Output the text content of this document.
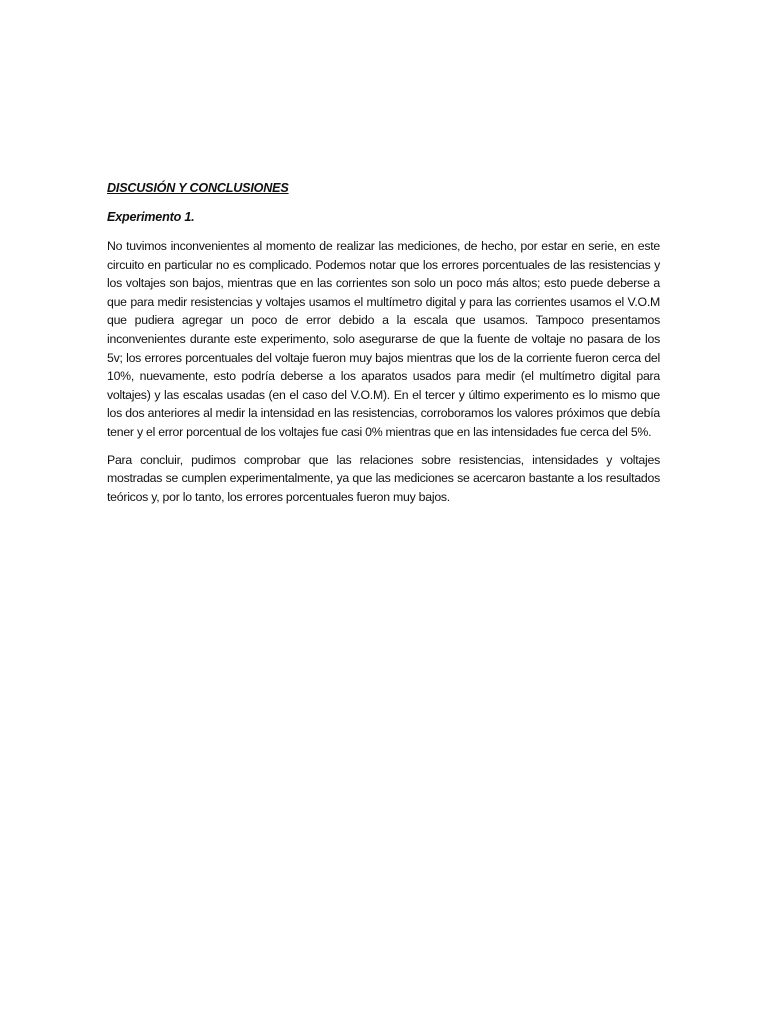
DISCUSIÓN Y CONCLUSIONES
Experimento 1.

No tuvimos inconvenientes al momento de realizar las mediciones, de hecho, por estar en serie, en este circuito en particular no es complicado. Podemos notar que los errores porcentuales de las resistencias y los voltajes son bajos, mientras que en las corrientes son solo un poco más altos; esto puede deberse a que para medir resistencias y voltajes usamos el multímetro digital y para las corrientes usamos el V.O.M que pudiera agregar un poco de error debido a la escala que usamos. Tampoco presentamos inconvenientes durante este experimento, solo asegurarse de que la fuente de voltaje no pasara de los 5v; los errores porcentuales del voltaje fueron muy bajos mientras que los de la corriente fueron cerca del 10%, nuevamente, esto podría deberse a los aparatos usados para medir (el multímetro digital para voltajes) y las escalas usadas (en el caso del V.O.M). En el tercer y último experimento es lo mismo que los dos anteriores al medir la intensidad en las resistencias, corroboramos los valores próximos que debía tener y el error porcentual de los voltajes fue casi 0% mientras que en las intensidades fue cerca del 5%.

Para concluir, pudimos comprobar que las relaciones sobre resistencias, intensidades y voltajes mostradas se cumplen experimentalmente, ya que las mediciones se acercaron bastante a los resultados teóricos y, por lo tanto, los errores porcentuales fueron muy bajos.
